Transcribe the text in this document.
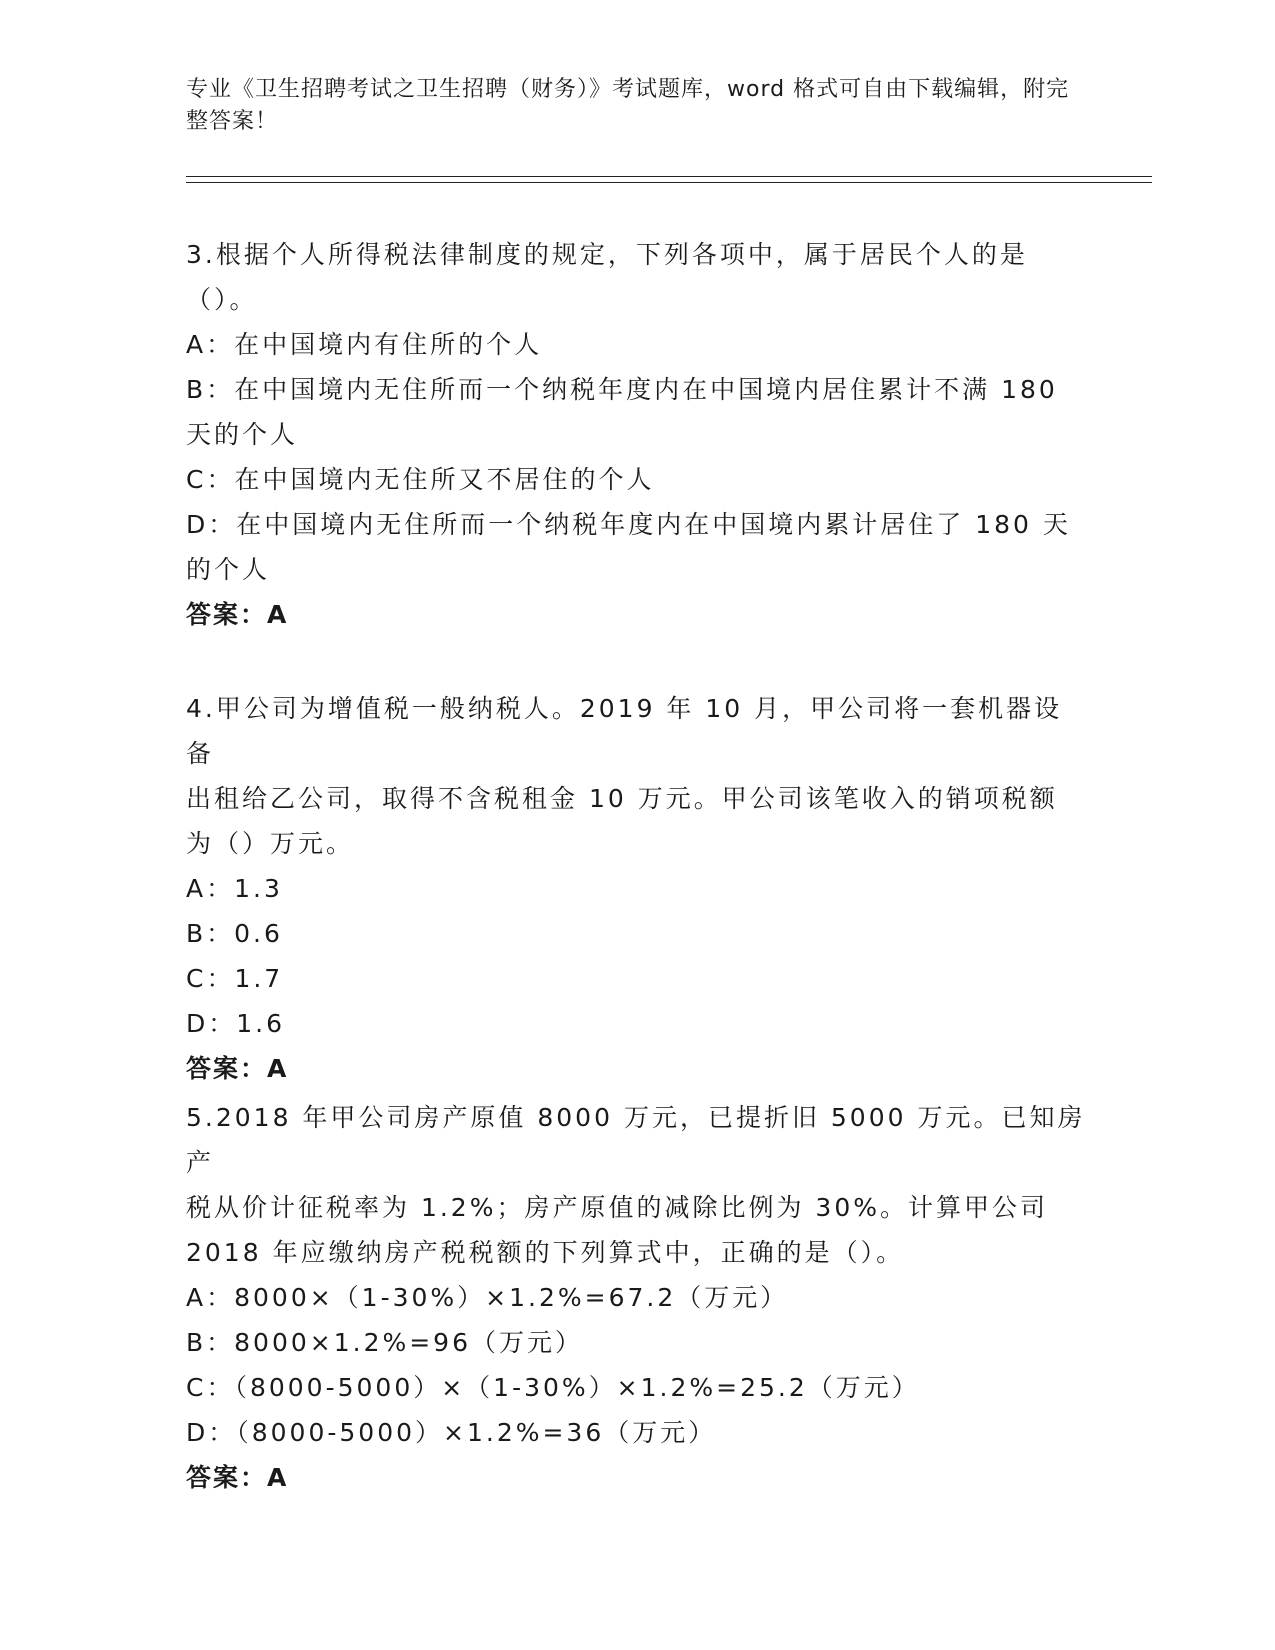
专业《卫生招聘考试之卫生招聘（财务）》考试题库，word 格式可自由下载编辑，附完整答案！
3.根据个人所得税法律制度的规定，下列各项中，属于居民个人的是
（）。
A：在中国境内有住所的个人
B：在中国境内无住所而一个纳税年度内在中国境内居住累计不满 180
天的个人
C：在中国境内无住所又不居住的个人
D：在中国境内无住所而一个纳税年度内在中国境内累计居住了 180 天
的个人
答案：A
4.甲公司为增值税一般纳税人。2019 年 10 月，甲公司将一套机器设备
出租给乙公司，取得不含税租金 10 万元。甲公司该笔收入的销项税额
为（）万元。
A：1.3
B：0.6
C：1.7
D：1.6
答案：A
5.2018 年甲公司房产原值 8000 万元，已提折旧 5000 万元。已知房产
税从价计征税率为 1.2%；房产原值的减除比例为 30%。计算甲公司
2018 年应缴纳房产税税额的下列算式中，正确的是（）。
A：8000×（1-30%）×1.2%=67.2（万元）
B：8000×1.2%=96（万元）
C：（8000-5000）×（1-30%）×1.2%=25.2（万元）
D：（8000-5000）×1.2%=36（万元）
答案：A
